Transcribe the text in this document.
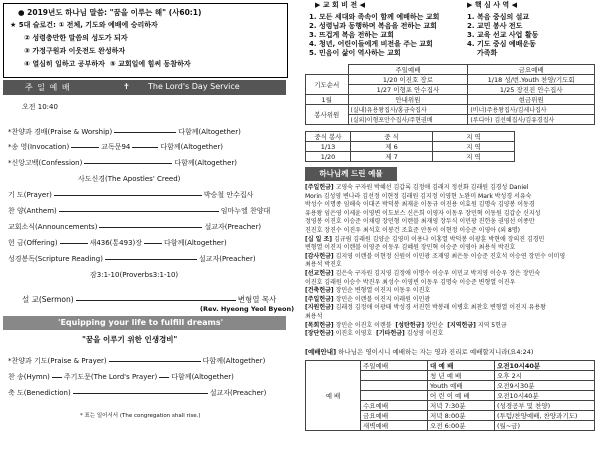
● 2019년도 하나님 말씀: "꿈을 이루는 해" (사60:1)
★ 5대 슬로건: ① 전체, 기도와 예배에 승리하자
② 성령충만한 말씀의 성도가 되자
③ 가정구원과 이웃전도 완성하자
④ 열심히 일하고 공부하자 ⑤ 교회일에 힘써 동참하자
주 일 예 배	✝ The Lord's Day Service
오전 10:40
*찬양과 경배(Praise & Worship)	다함께(Altogether)
*송 영(Invocation)	교독문94	다함께(Altogether)
*신앙고백(Confession)	다함께(Altogether)
사도신경(The Apostles' Creed)
기 도(Prayer)	박승철 안수집사
찬 양(Anthem)	임마누엘 찬양대
교회소식(Announcements)	설교자(Preacher)
헌 금(Offering)	새436(통493)장	다함께(Altogether)
성경봉독(Scripture Reading)	설교자(Preacher)
잠3:1-10(Proverbs3:1-10)
설 교(Sermon)	변형열 목사
(Rev. Hyeong Yeol Byeon)
'Equipping your life to fulfill dreams'
"꿈을 이루기 위한 인생경비"
*찬양과 기도(Praise & Prayer)	다함께(Altogether)
찬 송(Hymn) 주기도문(The Lord's Prayer) 다함께(Altogether)
축 도(Benediction)	설교자(Preacher)
* 표는 일어서서 (The congregation shall rise.)
▶ 교 회 비 전 ◀	▶ 핵 심 사 역 ◀
1. 모든 세대와 족속이 함께 예배하는 교회
2. 성령님과 동행하며 복음을 전하는 교회
3. 뜨겁게 복음 전하는 교회
4. 청년, 어린이들에게 비전을 주는 교회
5. 민음이 삶이 역사하는 교회
1. 복음 중심의 설교
2. 교민 봉사 전도
3. 교육 선교 사업 활동
4. 기도 중심 예배운동
가족화
	주일예배	금요예배
기도순서	1/20 이진호 장로	1/18 성/번.Youth 찬양/기도회
	1/27 이형포 안수집사	1/25 장진진 안수집사
1월	안내위원	현금위원
봉사위원	(실내)유용왕집사/홍금숙집사	(비너)주용왕집사/김세나집사
	(실외)이형포안수집사/주현권배	(루디아) 김선혜집사/김유경집사
중식 봉사	중 식	지 역
1/13	제 6	지 역
1/20	제 7	지 역
하나님께 드린 예물
[주일헌금] 고영숙 구자원 박혜선 김갑록 김정애 김래지 정선화 김래원 김경성 Daniel
Morin 김성영 변나라 김선정 이현정 김래원 김지정 이영현 노완미 Mark 박성경 서유숙
박성수 이명종 임해숙 이대곤 박덕봉 최재윤 이동규 이진용 이효원 김명숙 김양봉 이동경
유용왕 임은영 이세윤 이영변 이도보스 신은희 이영자 이동우 장민혁 이동원 김갑순 신지성
정영봉 이진호 이승준 이채령 장민형 이랜블 최재영 장두식 이민광 진헌웅 권영선 이종만
진진호 장진수 이진우 최석호 이봉건 조효준 안동이 이현정 이승준 이영아 (외 8명)
[십 일 조] 김규림 김래원 김양순 김영미 이용나 이홍열 박덕봉 이광훈 박현애 장의진 김경민
변형열 이진지 이랜블 이영준 이동우 김혜원 장민혁 이승준 이영아 최용석 박진호
[감사헌금] 김지영 이랜블 이현정 신원이 이민광 조재영 최은동 이승준 진호석 이승연 장민수 이미영
최용석 박진호
[선교헌금] 김은숙 구자원 김지영 김정애 이명수 이승우 이민교 박지영 이승우 장은 장민숙
이진호 김래원 이승수 박진우 최성수 이영빈 이동우 김명숙 이승준 변형열 이진우
[건축헌금] 장민순 변형열 이진지 이동우 이진호
[주일헌금] 장민순 이랜블 이진지 이래원 이민광
[지원헌금] 김래정 김정애 이광태 박성경 서진헌 박봉래 이병호 최찬호 변형열 이진지 유용왕
최용석
[목회헌금] 장민순 이진호 이랜블 [성탄헌금] 장민순 [지역헌금] 지역 5헌금
[장단헌금] 이진호 이영호 [기타헌금] 김성영 이진호
[예배안내] 하나님은 영이시니 예배하는 자는 영과 진리로 예배할지니라(요4:24)
예 배	주일예배	대 예 배	오전10시40분
		청 년 예 배	오후 2시
		Youth 예배	오전9시30분
		어 린 이 예 배	오전10시40분
	수요예배	저녁 7:30분	(성경공부 및 찬양)
	금요예배	저녁 8:00분	(투텀/찬양예배, 찬양과기도)
	새벽예배	오전 6:00분	(월~금)
